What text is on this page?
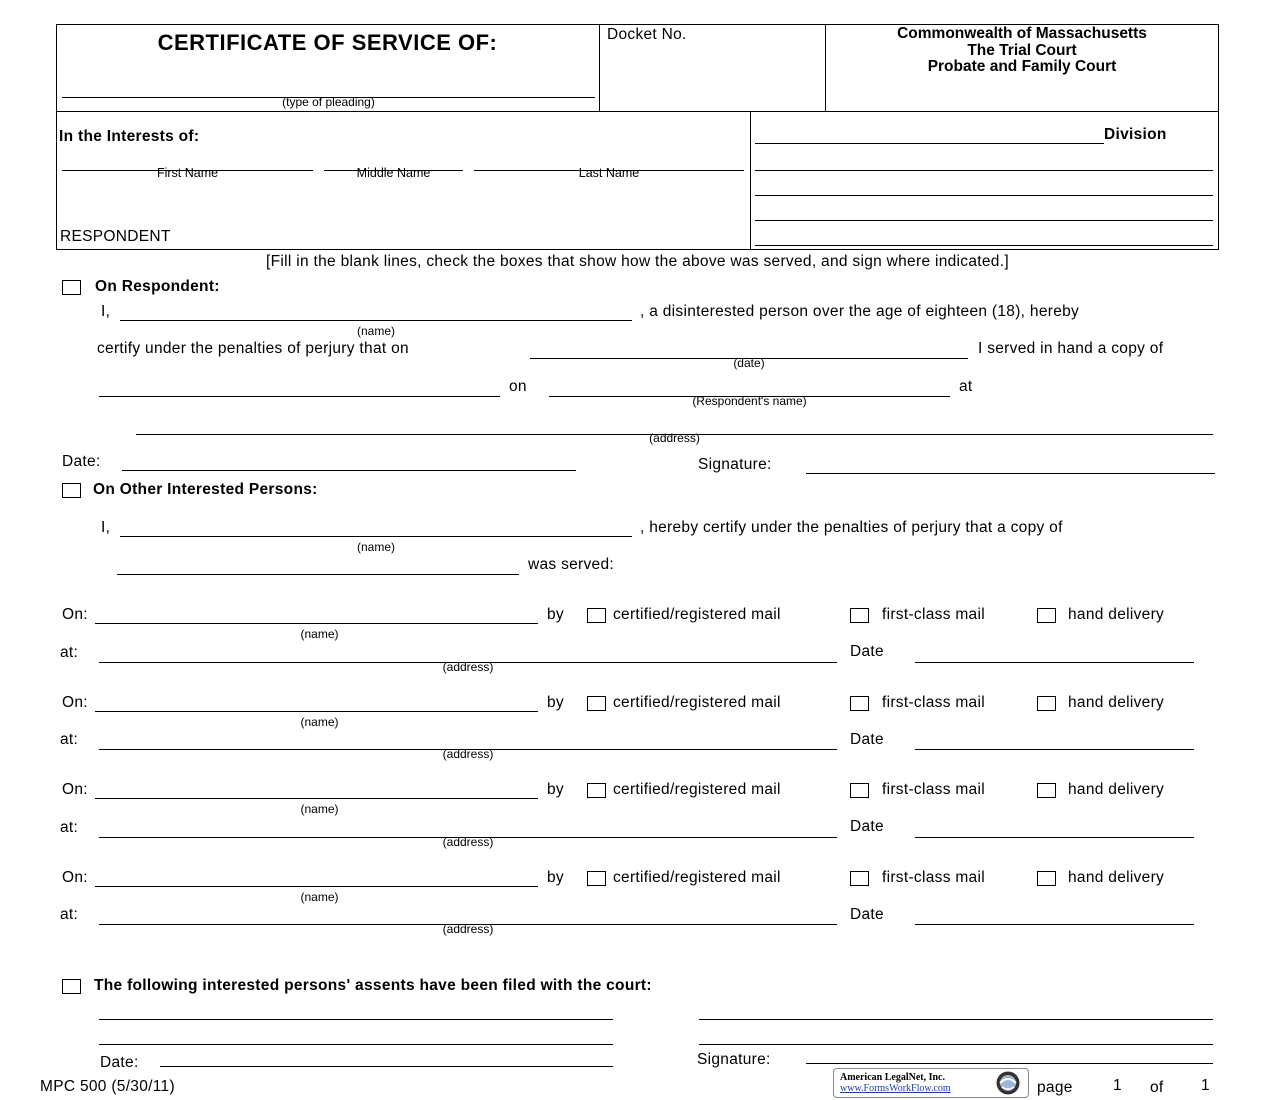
CERTIFICATE OF SERVICE OF:
(type of pleading)
Docket No.	Commonwealth of Massachusetts
The Trial Court
Probate and Family Court
In the Interests of:
First Name	Middle Name	Last Name
RESPONDENT
Division
[Fill in the blank lines, check the boxes that show how the above was served, and sign where indicated.]
On Respondent:
I,	, a disinterested person over the age of eighteen (18), hereby
(name)
certify under the penalties of perjury that on	I served in hand a copy of
(date)
on	at
(Respondent's name)
(address)
Date:	Signature:
On Other Interested Persons:
I,	, hereby certify under the penalties of perjury that a copy of
(name)
was served:
On:
(name)
by	certified/registered mail	first-class mail	hand delivery
at:
(address)
Date
On:
(name)
by	certified/registered mail	first-class mail	hand delivery
at:
(address)
Date
On:
(name)
by	certified/registered mail	first-class mail	hand delivery
at:
(address)
Date
On:
(name)
by	certified/registered mail	first-class mail	hand delivery
at:
(address)
Date
The following interested persons' assents have been filed with the court:
Date:	Signature:
MPC 500 (5/30/11)
American LegalNet, Inc.
www.FormsWorkFlow.com	page	1 of 1
